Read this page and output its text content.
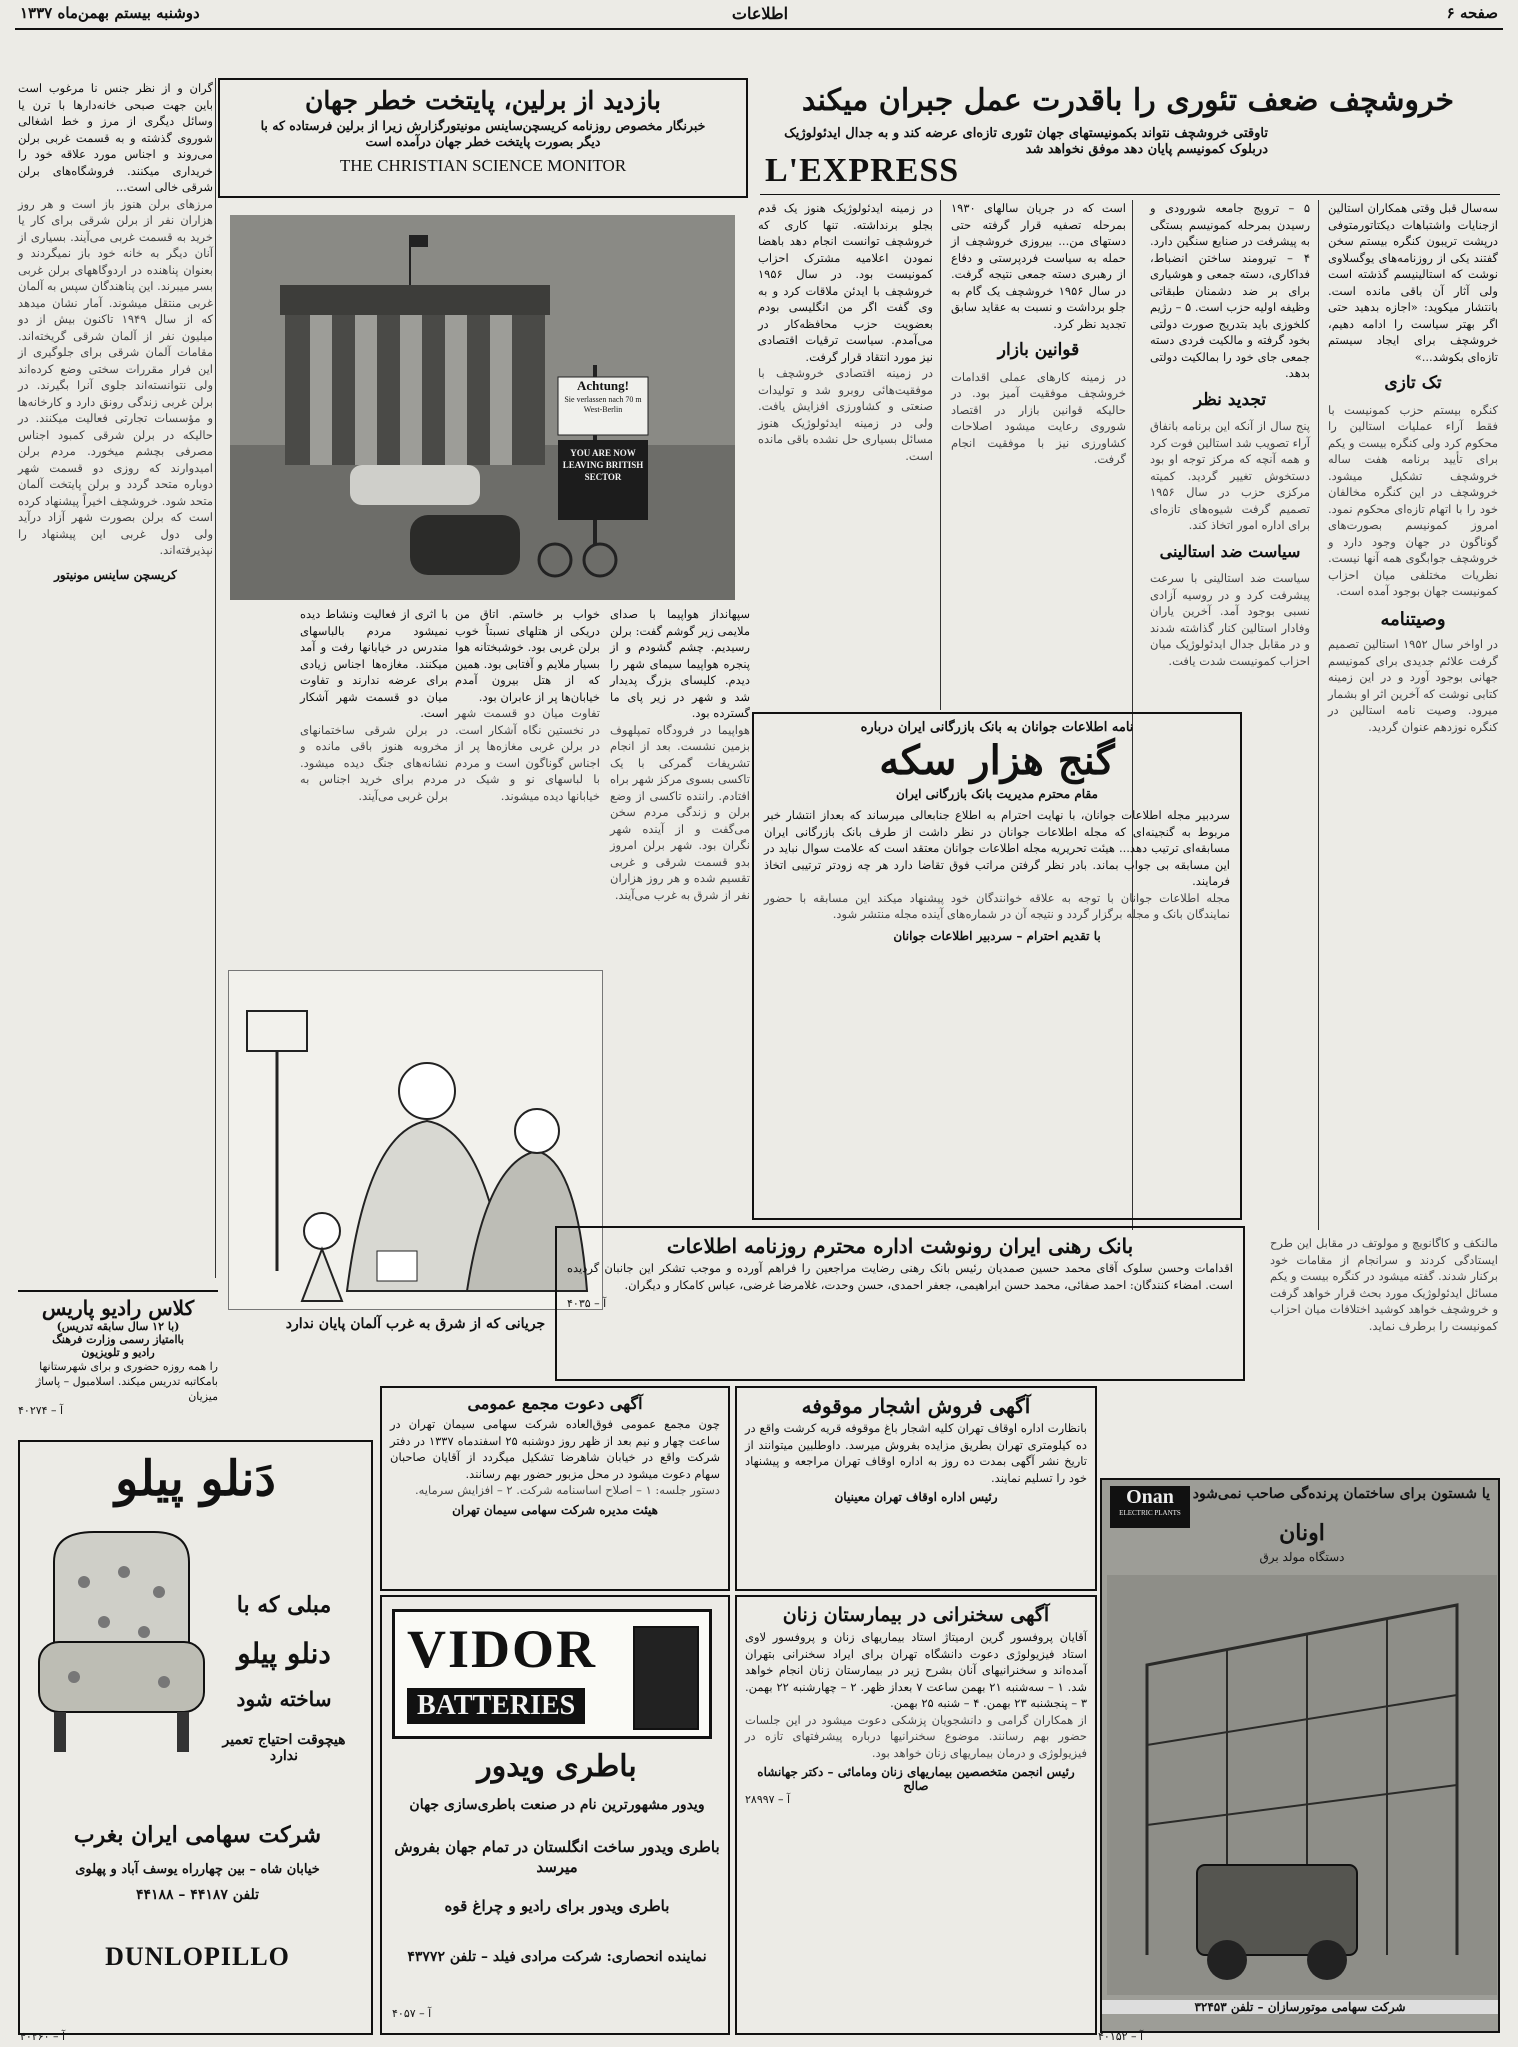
صفحه ۶
اطلاعات
دوشنبه بیستم بهمن‌ماه ۱۳۳۷
خروشچف ضعف تئوری را باقدرت عمل جبران میکند
تاوقتی خروشچف نتواند بکمونیستهای جهان تئوری تازه‌ای عرضه کند و به جدال ایدئولوژیک دربلوک کمونیسم پایان دهد موفق نخواهد شد
L'EXPRESS
سه‌سال قبل وقتی همکاران استالین ازجنایات واشتباهات دیکتاتورمتوفی درپشت تریبون کنگره بیستم سخن گفتند یکی از روزنامه‌های یوگسلاوی نوشت که استالینیسم گذشته است ولی آثار آن باقی مانده است. بانتشار میکوید: «اجازه بدهید حتی اگر بهتر سیاست را ادامه دهیم، خروشچف برای ایجاد سیستم تازه‌ای بکوشد...»
تک تازی
کنگره بیستم حزب کمونیست با فقط آراء عملیات استالین را محکوم کرد ولی کنگره بیست و یکم برای تأیید برنامه هفت ساله خروشچف تشکیل میشود. خروشچف در این کنگره مخالفان خود را با اتهام تازه‌ای محکوم نمود. امروز کمونیسم بصورت‌های گوناگون در جهان وجود دارد و خروشچف جوابگوی همه آنها نیست. نظریات مختلفی میان احزاب کمونیست جهان بوجود آمده است.
وصیتنامه
در اواخر سال ۱۹۵۲ استالین تصمیم گرفت علائم جدیدی برای کمونیسم جهانی بوجود آورد و در این زمینه کتابی نوشت که آخرین اثر او بشمار میرود. وصیت نامه استالین در کنگره نوزدهم عنوان گردید.
۵ – ترویج جامعه شورودی و رسیدن بمرحله کمونیسم بستگی به پیشرفت در صنایع سنگین دارد. ۴ – تیرومند ساختن انضباط، فداکاری، دسته جمعی و هوشیاری برای بر ضد دشمنان طبقاتی وظیفه اولیه حزب است. ۵ – رژیم کلخوزی باید بتدریج صورت دولتی بخود گرفته و مالکیت فردی دسته جمعی جای خود را بمالکیت دولتی بدهد.
تجدید نظر
پنج سال از آنکه این برنامه بانفاق آراء تصویب شد استالین فوت کرد و همه آنچه که مرکز توجه او بود دستخوش تغییر گردید. کمیته مرکزی حزب در سال ۱۹۵۶ تصمیم گرفت شیوه‌های تازه‌ای برای اداره امور اتخاذ کند.
سیاست ضد استالینی
سیاست ضد استالینی با سرعت پیشرفت کرد و در روسیه آزادی نسبی بوجود آمد. آخرین یاران وفادار استالین کنار گذاشته شدند و در مقابل جدال ایدئولوژیک میان احزاب کمونیست شدت یافت.
است که در جریان سالهای ۱۹۳۰ بمرحله تصفیه قرار گرفته حتی دستهای من... بیروزی خروشچف از حمله به سیاست فردپرستی و دفاع از رهبری دسته جمعی نتیجه گرفت. در سال ۱۹۵۶ خروشچف یک گام به جلو برداشت و نسبت به عقاید سابق تجدید نظر کرد.
قوانین بازار
در زمینه کارهای عملی اقدامات خروشچف موفقیت آمیز بود. در حالیکه قوانین بازار در اقتصاد شوروی رعایت میشود اصلاحات کشاورزی نیز با موفقیت انجام گرفت.
در زمینه ایدئولوژیک هنوز یک قدم بجلو برنداشته. تنها کاری که خروشچف توانست انجام دهد باهضا نمودن اعلامیه مشترک احزاب کمونیست بود. در سال ۱۹۵۶ خروشچف با ایدئن ملاقات کرد و به وی گفت اگر من انگلیسی بودم بعضویت حزب محافظه‌کار در می‌آمدم. سیاست ترقیات اقتصادی نیز مورد انتقاد قرار گرفت.
در زمینه اقتصادی خروشچف با موفقیت‌هائی روبرو شد و تولیدات صنعتی و کشاورزی افزایش یافت. ولی در زمینه ایدئولوژیک هنوز مسائل بسیاری حل نشده باقی مانده است.
نامه اطلاعات جوانان به بانک بازرگانی ایران درباره
گنج هزار سکه
مقام محترم مدیریت بانک بازرگانی ایران
سردبیر مجله اطلاعات جوانان، با نهایت احترام به اطلاع جنابعالی میرساند که بعداز انتشار خبر مربوط به گنجینه‌ای که مجله اطلاعات جوانان در نظر داشت از طرف بانک بازرگانی ایران مسابقه‌ای ترتیب دهد... هیئت تحریریه مجله اطلاعات جوانان معتقد است که علامت سوال نباید در این مسابقه بی جواب بماند. بادر نظر گرفتن مراتب فوق تقاضا دارد هر چه زودتر ترتیبی اتخاذ فرمایند.
مجله اطلاعات جوانان با توجه به علاقه خوانندگان خود پیشنهاد میکند این مسابقه با حضور نمایندگان بانک و مجله برگزار گردد و نتیجه آن در شماره‌های آینده مجله منتشر شود.
با تقدیم احترام – سردبیر اطلاعات جوانان
بازدید از برلین، پایتخت خطر جهان
خبرنگار مخصوص روزنامه کریسچن‌ساینس مونیتورگزارش زیرا از برلین فرستاده که با دیگر بصورت پایتخت خطر جهان درآمده است
THE CHRISTIAN SCIENCE MONITOR
Achtung!
Sie verlassen nach 70 m West-Berlin
YOU ARE NOW LEAVING BRITISH SECTOR
سپهانداز هواپیما با صدای ملایمی زیر گوشم گفت: برلن رسیدیم. چشم گشودم و از پنجره هواپیما سیمای شهر را دیدم. کلیسای بزرگ پدیدار شد و شهر در زیر پای ما گسترده بود.
هواپیما در فرودگاه تمپلهوف بزمین نشست. بعد از انجام تشریفات گمرکی با یک تاکسی بسوی مرکز شهر براه افتادم. راننده تاکسی از وضع برلن و زندگی مردم سخن می‌گفت و از آینده شهر نگران بود. شهر برلن امروز بدو قسمت شرقی و غربی تقسیم شده و هر روز هزاران نفر از شرق به غرب می‌آیند.
خواب بر خاستم. اتاق من دریکی از هتلهای نسبتاً خوب برلن غربی بود. خوشبختانه هوا بسیار ملایم و آفتابی بود. همین که از هتل بیرون آمدم خیابان‌ها پر از عابران بود.
تفاوت میان دو قسمت شهر در نخستین نگاه آشکار است. در برلن غربی مغازه‌ها پر از اجناس گوناگون است و مردم با لباسهای نو و شیک در خیابانها دیده میشوند.
با اثری از فعالیت ونشاط دیده نمیشود مردم بالباسهای مندرس در خیابانها رفت و آمد میکنند. مغازه‌ها اجناس زیادی برای عرضه ندارند و تفاوت میان دو قسمت شهر آشکار است.
در برلن شرقی ساختمانهای مخروبه هنوز باقی مانده و نشانه‌های جنگ دیده میشود. مردم برای خرید اجناس به برلن غربی می‌آیند.
گران و از نظر جنس نا مرغوب است باین جهت صبحی خانه‌دارها با ترن یا وسائل دیگری از مرز و خط اشغالی شوروی گذشته و به قسمت غربی برلن می‌روند و اجناس مورد علاقه خود را خریداری میکنند. فروشگاه‌های برلن شرقی خالی است...
مرزهای برلن هنوز باز است و هر روز هزاران نفر از برلن شرقی برای کار یا خرید به قسمت غربی می‌آیند. بسیاری از آنان دیگر به خانه خود باز نمیگردند و بعنوان پناهنده در اردوگاههای برلن غربی بسر میبرند. این پناهندگان سپس به آلمان غربی منتقل میشوند. آمار نشان میدهد که از سال ۱۹۴۹ تاکنون بیش از دو میلیون نفر از آلمان شرقی گریخته‌اند. مقامات آلمان شرقی برای جلوگیری از این فرار مقررات سختی وضع کرده‌اند ولی نتوانسته‌اند جلوی آنرا بگیرند. در برلن غربی زندگی رونق دارد و کارخانه‌ها و مؤسسات تجارتی فعالیت میکنند. در حالیکه در برلن شرقی کمبود اجناس مصرفی بچشم میخورد. مردم برلن امیدوارند که روزی دو قسمت شهر دوباره متحد گردد و برلن پایتخت آلمان متحد شود. خروشچف اخیراً پیشنهاد کرده است که برلن بصورت شهر آزاد درآید ولی دول غربی این پیشنهاد را نپذیرفته‌اند.
کریسچن ساینس مونیتور
جریانی که از شرق به غرب آلمان پایان ندارد
کلاس رادیو پاریس
(با ۱۲ سال سابقه تدریس)
باامتیاز رسمی وزارت فرهنگ
رادیو و تلویزیون
را همه روزه حضوری و برای شهرستانها بامکاتبه تدریس میکند. اسلامبول – پاساژ میزیان
آ – ۴۰۲۷۴
دَنلو پیلو
مبلی که با
دنلو پیلو
ساخته شود
هیچوقت احتیاج تعمیر ندارد
شرکت سهامی ایران بغرب
خیابان شاه – بین چهارراه یوسف آباد و پهلوی
تلفن ۴۴۱۸۷ – ۴۴۱۸۸
DUNLOPILLO
آ – ۴۰۲۶۰
بانک رهنی ایران رونوشت اداره محترم روزنامه اطلاعات
اقدامات وحسن سلوک آقای محمد حسین صمدیان رئیس بانک رهنی رضایت مراجعین را فراهم آورده و موجب تشکر این جانبان گردیده است. امضاء کنندگان: احمد صفائی، محمد حسن ابراهیمی، جعفر احمدی، حسن وحدت، غلامرضا غرضی، عباس کامکار و دیگران.
آ – ۴۰۳۵
مالنکف و کاگانویچ و مولوتف در مقابل این طرح ایستادگی کردند و سرانجام از مقامات خود برکنار شدند. گفته میشود در کنگره بیست و یکم مسائل ایدئولوژیک مورد بحث قرار خواهد گرفت و خروشچف خواهد کوشید اختلافات میان احزاب کمونیست را برطرف نماید.
یا شستون برای ساختمان پرنده‌گی صاحب نمی‌شود
Onan
ELECTRIC PLANTS
اونان
دستگاه مولد برق
شرکت سهامی موتورسازان – تلفن ۳۲۴۵۳
آ – ۴۰۱۵۲
آگهی فروش اشجار موقوفه
بانظارت اداره اوقاف تهران کلیه اشجار باغ موقوفه قریه کرشت واقع در ده کیلومتری تهران بطریق مزایده بفروش میرسد. داوطلبین میتوانند از تاریخ نشر آگهی بمدت ده روز به اداره اوقاف تهران مراجعه و پیشنهاد خود را تسلیم نمایند.
رئیس اداره اوقاف تهران معینیان
آگهی سخنرانی در بیمارستان زنان
آقایان پروفسور گرین ارمیتاژ استاد بیماریهای زنان و پروفسور لاوی استاد فیزیولوژی دعوت دانشگاه تهران برای ایراد سخنرانی بتهران آمده‌اند و سخنرانیهای آنان بشرح زیر در بیمارستان زنان انجام خواهد شد. ۱ – سه‌شنبه ۲۱ بهمن ساعت ۷ بعداز ظهر. ۲ – چهارشنبه ۲۲ بهمن. ۳ – پنجشنبه ۲۳ بهمن. ۴ – شنبه ۲۵ بهمن.
از همکاران گرامی و دانشجویان پزشکی دعوت میشود در این جلسات حضور بهم رسانند. موضوع سخنرانیها درباره پیشرفتهای تازه در فیزیولوژی و درمان بیماریهای زنان خواهد بود.
رئیس انجمن متخصصین بیماریهای زنان ومامائی – دکتر جهانشاه صالح
آ – ۲۸۹۹۷
آگهی دعوت مجمع عمومی
چون مجمع عمومی فوق‌العاده شرکت سهامی سیمان تهران در ساعت چهار و نیم بعد از ظهر روز دوشنبه ۲۵ اسفندماه ۱۳۳۷ در دفتر شرکت واقع در خیابان شاهرضا تشکیل میگردد از آقایان صاحبان سهام دعوت میشود در محل مزبور حضور بهم رسانند.
دستور جلسه: ۱ – اصلاح اساسنامه شرکت. ۲ – افزایش سرمایه.
هیئت مدیره شرکت سهامی سیمان تهران
VIDOR
BATTERIES
باطری ویدور
ویدور مشهورترین نام در صنعت باطری‌سازی جهان
باطری ویدور ساخت انگلستان در تمام جهان بفروش میرسد
باطری ویدور برای رادیو و چراغ قوه
نماینده انحصاری: شرکت مرادی فیلد – تلفن ۴۳۷۷۲
آ – ۴۰۵۷
